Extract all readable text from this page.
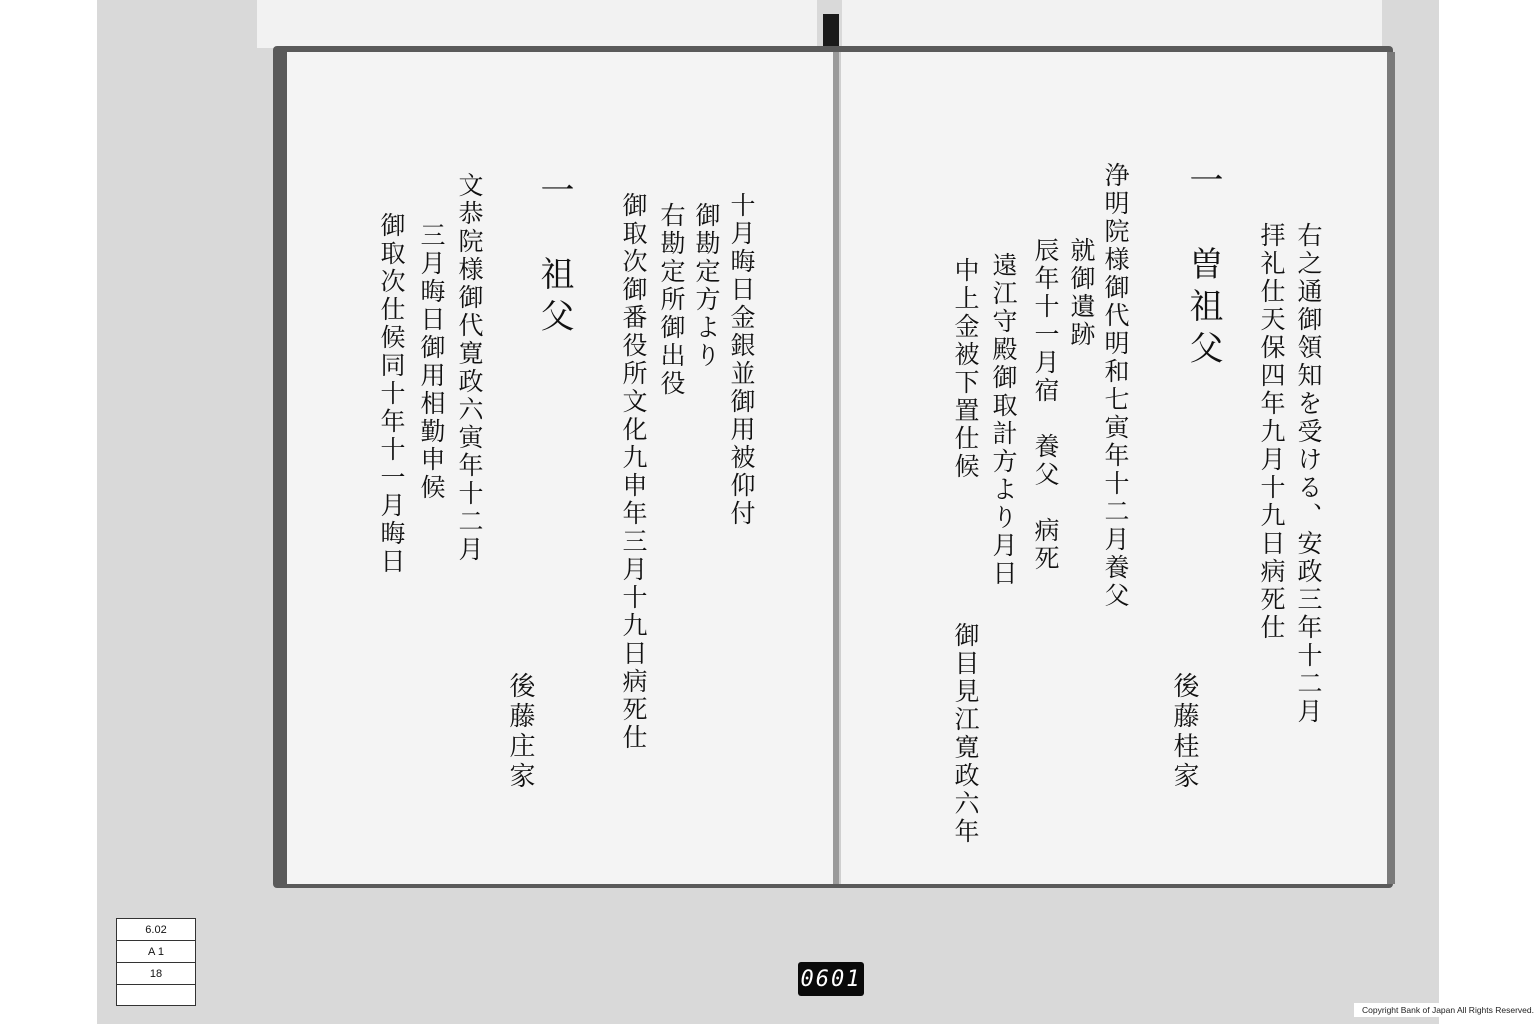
十月晦日金銀並御用被仰付
御勘定方より
右勘定所御出役
御取次御番役所文化九申年三月十九日病死仕
一　祖父
後藤庄家
文恭院様御代寛政六寅年十二月
三月晦日御用相勤申候
御取次仕候同十年十一月晦日	右之通御領知を受ける、安政三年十二月
拝礼仕天保四年九月十九日病死仕
一　曽祖父
後藤桂家
浄明院様御代明和七寅年十二月養父
就御遺跡
辰年十一月宿　養父　病死
遠江守殿御取計方より月日
中上金被下置仕候
御目見江寛政六年
6.02
A 1
18	0601
Copyright Bank of Japan All Rights Reserved.
